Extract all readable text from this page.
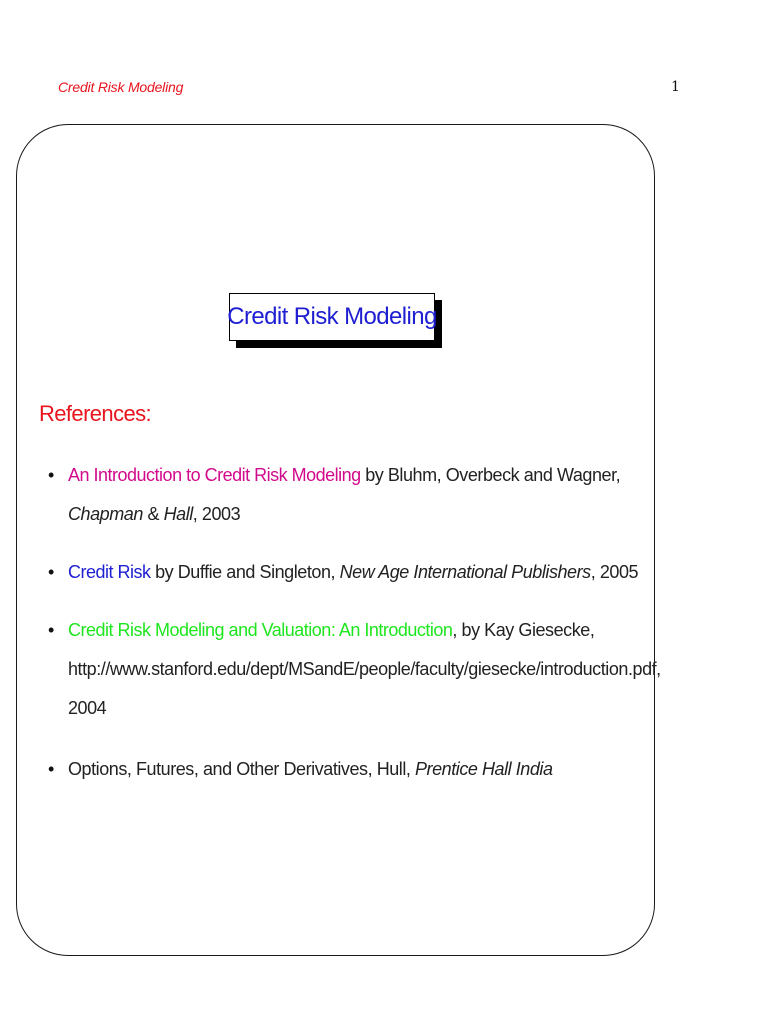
Credit Risk Modeling	1
Credit Risk Modeling
References:
• An Introduction to Credit Risk Modeling by Bluhm, Overbeck and Wagner,
Chapman & Hall, 2003
• Credit Risk by Duffie and Singleton, New Age International Publishers, 2005
• Credit Risk Modeling and Valuation: An Introduction, by Kay Giesecke,
http://www.stanford.edu/dept/MSandE/people/faculty/giesecke/introduction.pdf,
2004
• Options, Futures, and Other Derivatives, Hull, Prentice Hall India
